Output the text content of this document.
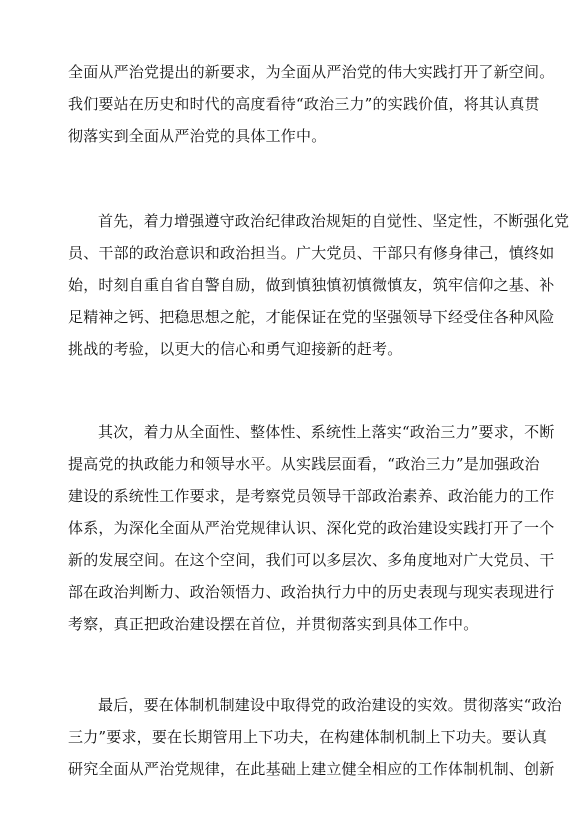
全面从严治党提出的新要求，为全面从严治党的伟大实践打开了新空间。
我们要站在历史和时代的高度看待“政治三力”的实践价值，将其认真贯
彻落实到全面从严治党的具体工作中。
首先，着力增强遵守政治纪律政治规矩的自觉性、坚定性，不断强化党
员、干部的政治意识和政治担当。广大党员、干部只有修身律己，慎终如
始，时刻自重自省自警自励，做到慎独慎初慎微慎友，筑牢信仰之基、补
足精神之钙、把稳思想之舵，才能保证在党的坚强领导下经受住各种风险
挑战的考验，以更大的信心和勇气迎接新的赶考。
其次，着力从全面性、整体性、系统性上落实“政治三力”要求，不断
提高党的执政能力和领导水平。从实践层面看，“政治三力”是加强政治
建设的系统性工作要求，是考察党员领导干部政治素养、政治能力的工作
体系，为深化全面从严治党规律认识、深化党的政治建设实践打开了一个
新的发展空间。在这个空间，我们可以多层次、多角度地对广大党员、干
部在政治判断力、政治领悟力、政治执行力中的历史表现与现实表现进行
考察，真正把政治建设摆在首位，并贯彻落实到具体工作中。
最后，要在体制机制建设中取得党的政治建设的实效。贯彻落实“政治
三力”要求，要在长期管用上下功夫，在构建体制机制上下功夫。要认真
研究全面从严治党规律，在此基础上建立健全相应的工作体制机制、创新
